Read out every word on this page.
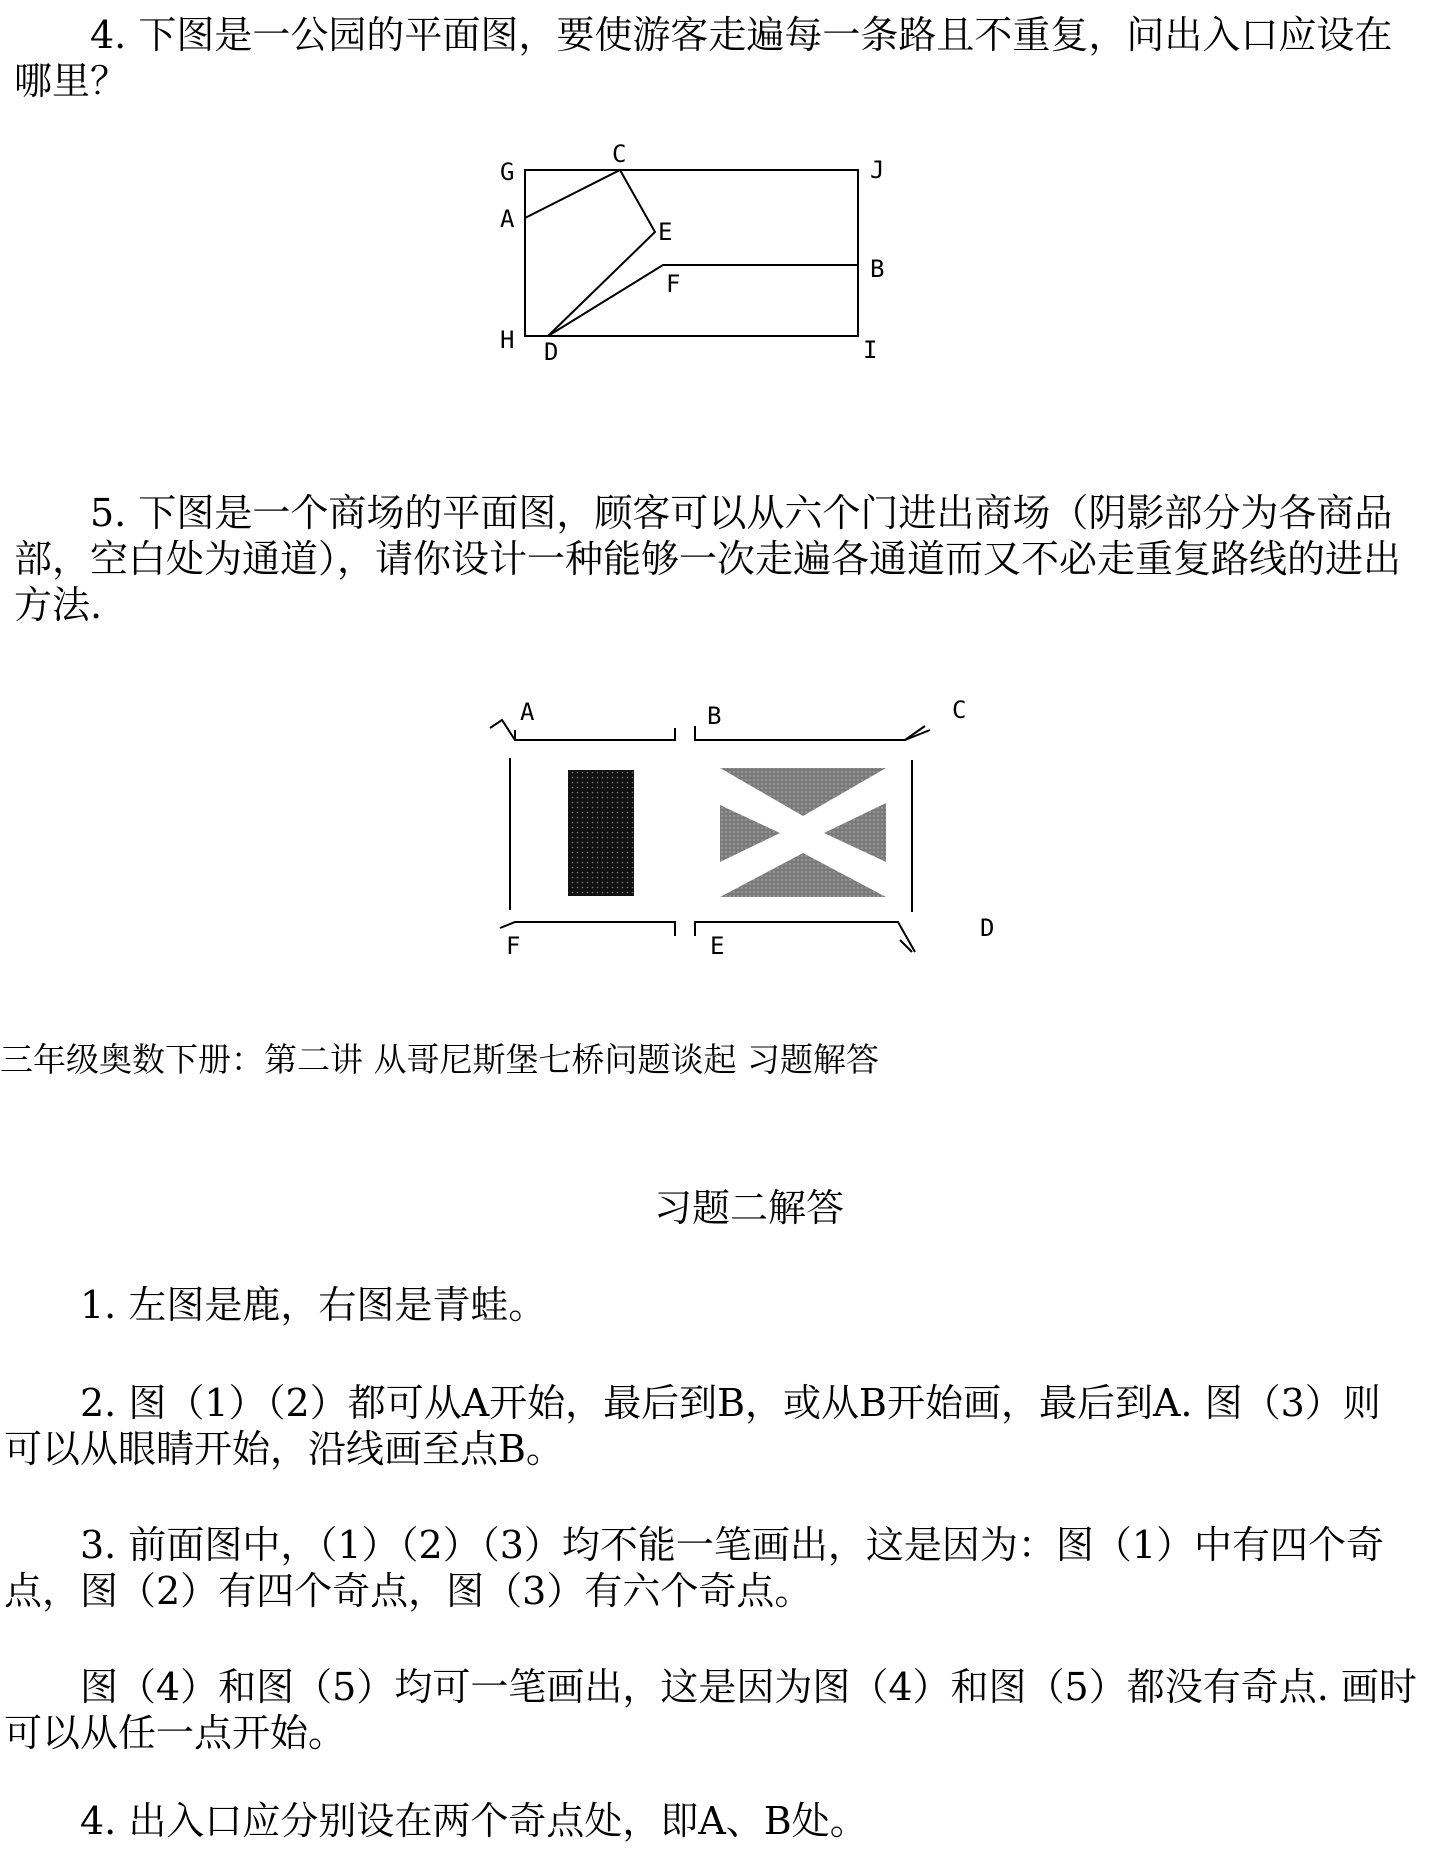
4. 下图是一公园的平面图，要使游客走遍每一条路且不重复，问出入口应设在哪里？
G
C
J
A	E
B
F
H D	I
5. 下图是一个商场的平面图，顾客可以从六个门进出商场（阴影部分为各商品部，空白处为通道），请你设计一种能够一次走遍各通道而又不必走重复路线的进出方法.
A	B	C
D
E
F
三年级奥数下册：第二讲 从哥尼斯堡七桥问题谈起 习题解答
习题二解答
1. 左图是鹿，右图是青蛙。
2. 图（1）（2）都可从A开始，最后到B，或从B开始画，最后到A. 图（3）则可以从眼睛开始，沿线画至点B。
3. 前面图中，（1）（2）（3）均不能一笔画出，这是因为：图（1）中有四个奇点，图（2）有四个奇点，图（3）有六个奇点。
图（4）和图（5）均可一笔画出，这是因为图（4）和图（5）都没有奇点. 画时可以从任一点开始。
4. 出入口应分别设在两个奇点处，即A、B处。
